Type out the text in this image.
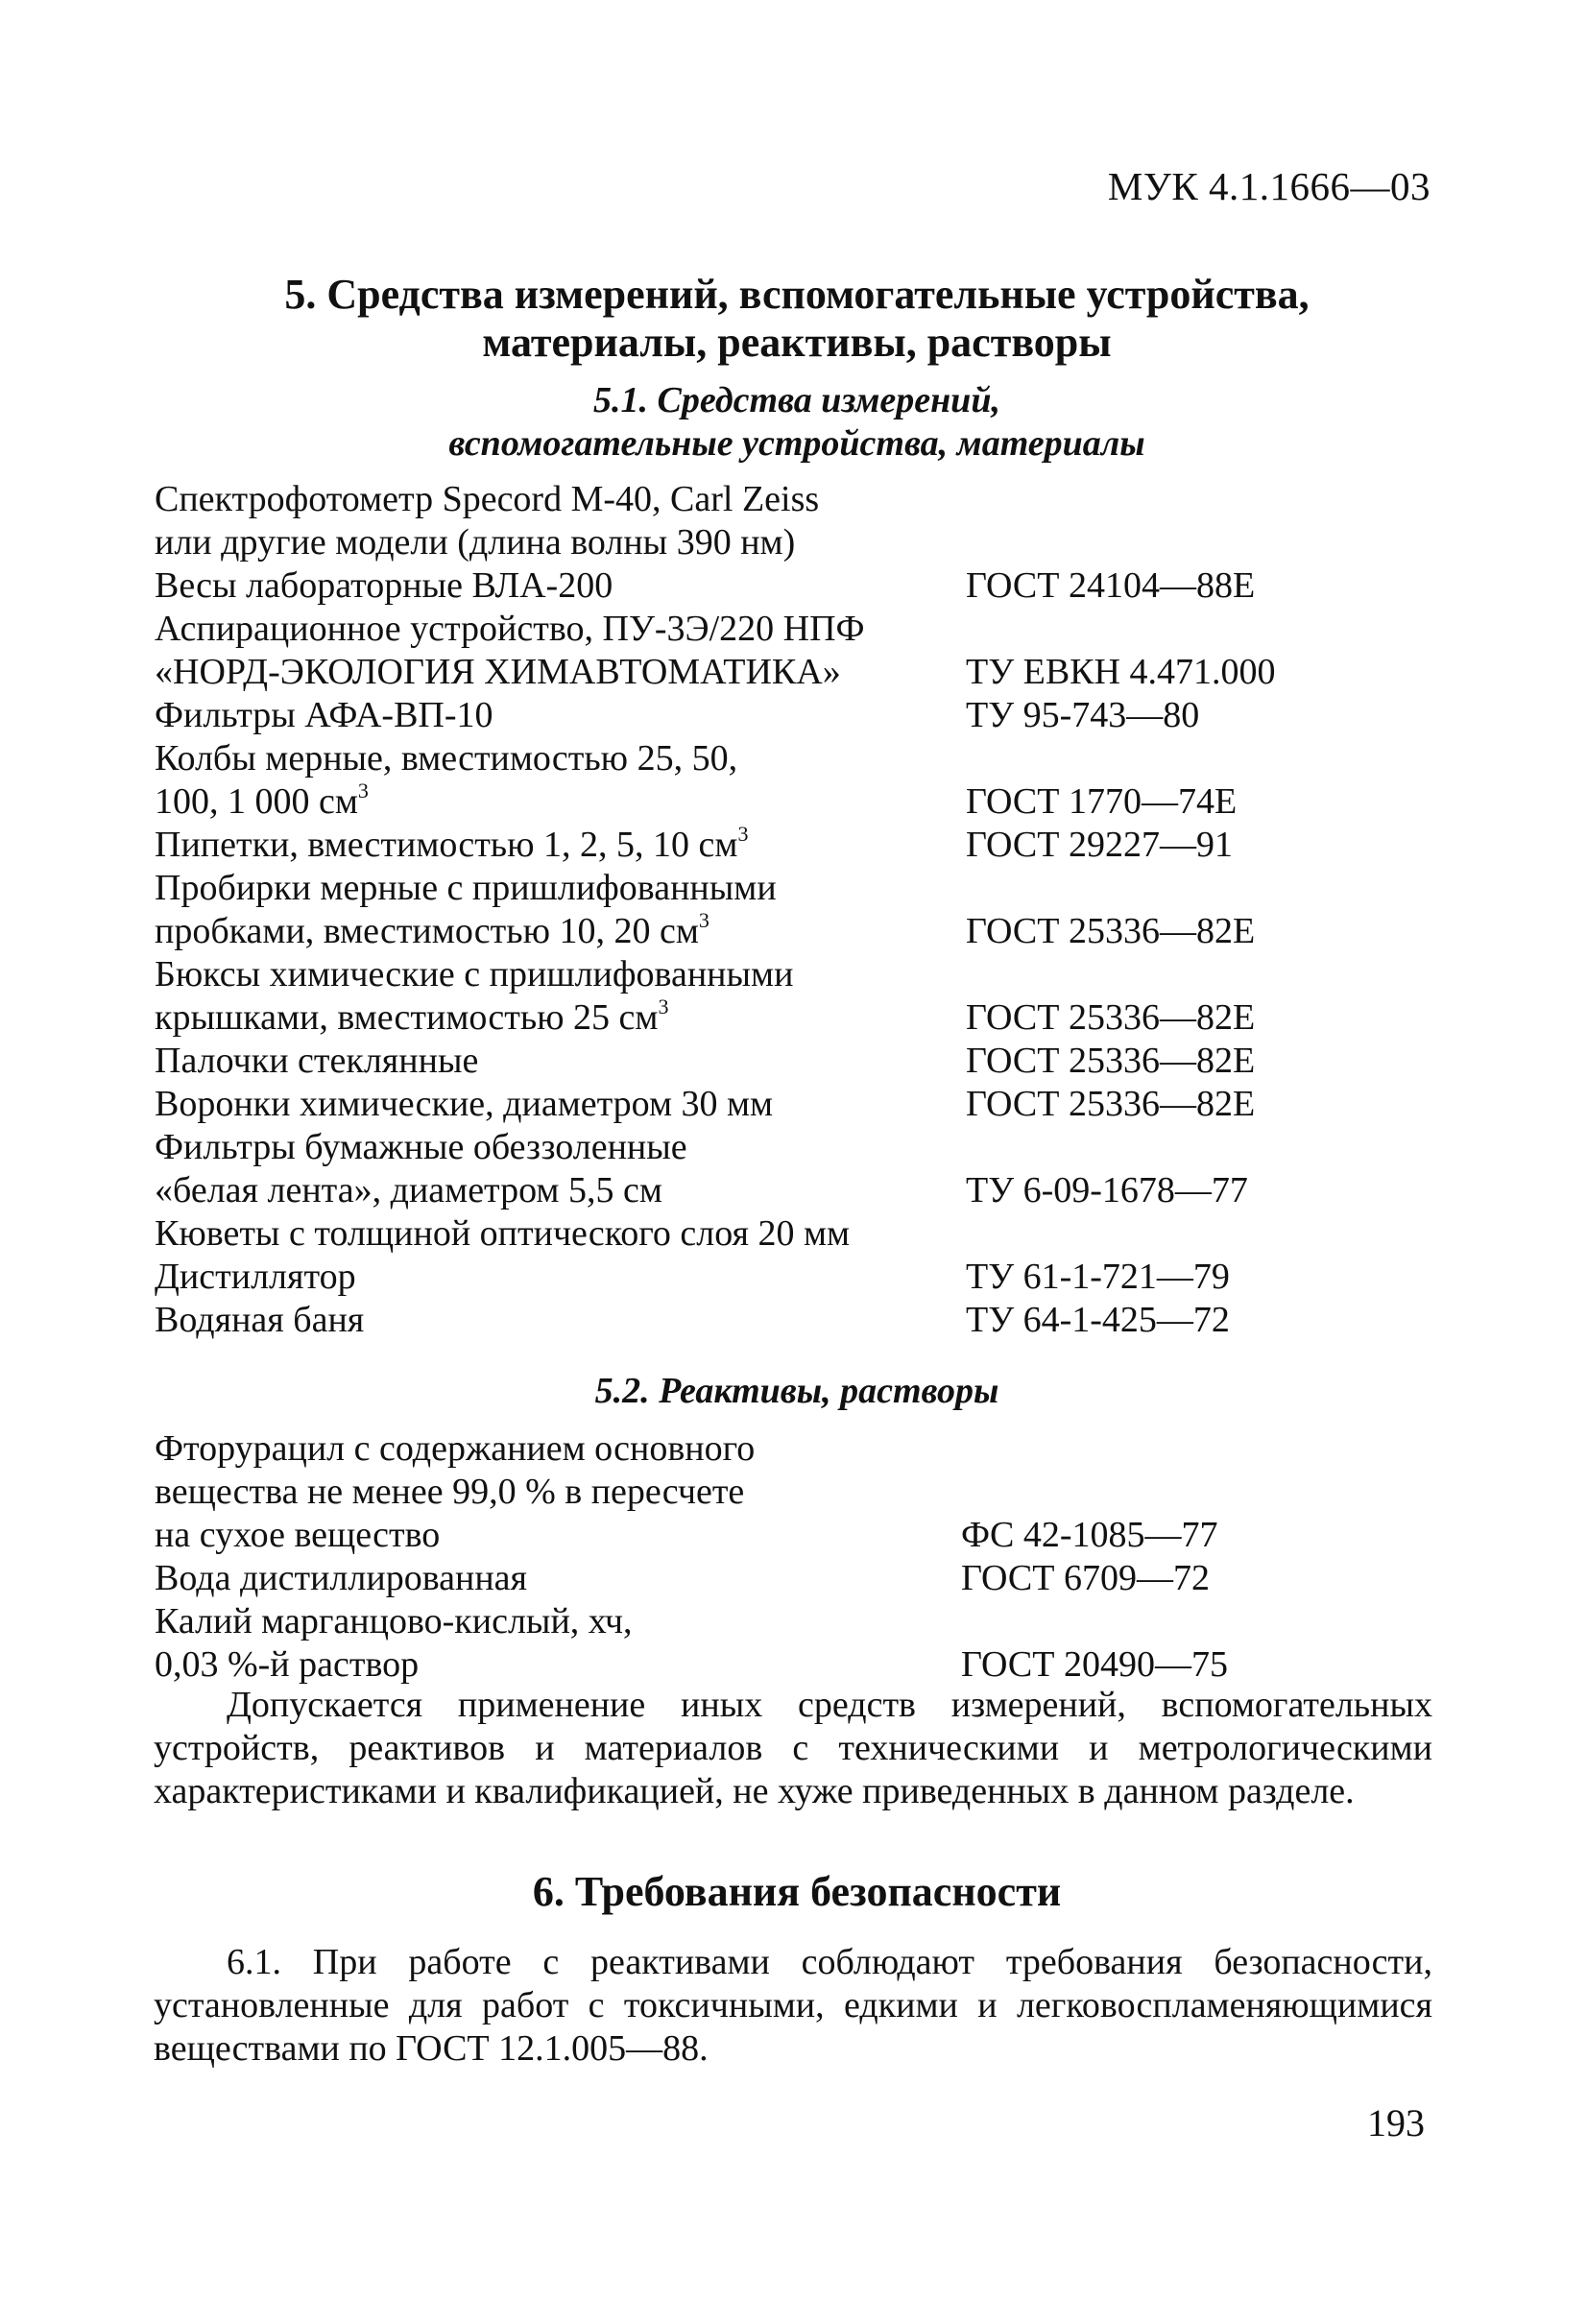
МУК 4.1.1666—03
5. Средства измерений, вспомогательные устройства,
материалы, реактивы, растворы
5.1. Средства измерений,
вспомогательные устройства, материалы
Спектрофотометр Specord M-40, Carl Zeiss
или другие модели (длина волны 390 нм)
Весы лабораторные ВЛА-200	ГОСТ 24104—88Е
Аспирационное устройство, ПУ-3Э/220 НПФ
«НОРД-ЭКОЛОГИЯ ХИМАВТОМАТИКА»	ТУ ЕВКН 4.471.000
Фильтры АФА-ВП-10	ТУ 95-743—80
Колбы мерные, вместимостью 25, 50,
100, 1 000 $см^3$	ГОСТ 1770—74Е
Пипетки, вместимостью 1, 2, 5, 10 $см^3$	ГОСТ 29227—91
Пробирки мерные с пришлифованными
пробками, вместимостью 10, 20 $см^3$	ГОСТ 25336—82Е
Бюксы химические с пришлифованными
крышками, вместимостью 25 $см^3$	ГОСТ 25336—82Е
Палочки стеклянные	ГОСТ 25336—82Е
Воронки химические, диаметром 30 мм	ГОСТ 25336—82Е
Фильтры бумажные обеззоленные
«белая лента», диаметром 5,5 см	ТУ 6-09-1678—77
Кюветы с толщиной оптического слоя 20 мм
Дистиллятор	ТУ 61-1-721—79
Водяная баня	ТУ 64-1-425—72
5.2. Реактивы, растворы
Фторурацил с содержанием основного
вещества не менее 99,0 % в пересчете
на сухое вещество	ФС 42-1085—77
Вода дистиллированная	ГОСТ 6709—72
Калий марганцово-кислый, хч,
0,03 %-й раствор	ГОСТ 20490—75

Допускается применение иных средств измерений, вспомогательных устройств, реактивов и материалов с техническими и метрологическими характеристиками и квалификацией, не хуже приведенных в данном разделе.

6. Требования безопасности

6.1. При работе с реактивами соблюдают требования безопасности, установленные для работ с токсичными, едкими и легковоспламеняющимися веществами по ГОСТ 12.1.005—88.

193
